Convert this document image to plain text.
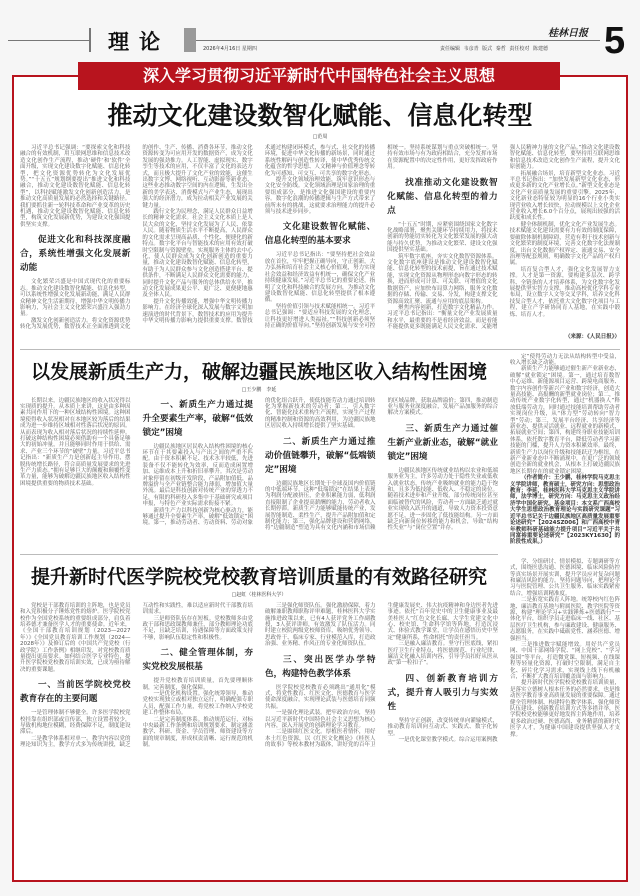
理论	2026年4月16日 星期四
桂林日报
责任编辑 韦彦青 版式 秦哲 责任校对 陈建德 5
深入学习贯彻习近平新时代中国特色社会主义思想
推动文化建设数智化赋能、信息化转型
□范周

习近平总书记强调：“要探索文化和科技融合的有效机制，用互联网思维和信息技术改造文化创作生产流程，推动‘硬件’和‘软件’全面升级，实现文化建设数字化赋能、信息化转型，把文化资源优势转化为文化发展优势。”“十五五”规划纲要提出“推进文化和科技融合，推动文化建设数智化赋能、信息化转型”，以科技赋能激发文化创新创造活力，是推动文化高质量发展的必然选择和关键路径。我们要抓住新一轮科技革命和产业变革的历史机遇，推动文化建设数智化赋能、信息化转型，构筑文化发展新优势，为建设文化强国提供坚实支撑。

促进文化和科技深度融合，系统性增强文化发展新动能

文化繁荣兴盛是中国式现代化的重要标志。推动文化建设数智化赋能、信息化转型，可以系统性增强文化发展新动能，满足人民群众精神文化生活新期待，增强中华文明传播力影响力，为社会主义文化繁荣兴盛注入强劲力量。

激发文化创新创造活力。将文化资源优势转化为发展优势，数智技术正全面渗透到文化的创作、生产、传播、消费各环节，推动文化资源转变为可应用开发的数据资产，成为文化发展的强劲推力。人工智能、虚拟现实、数字孪生等技术的应用，不仅丰富了文化的表达方式，而且极大提升了文化产业的效能，这催生出数字文博、网络视听、互动影游等新业态，这些业态推动数字空间的内在逻辑，生发出全新的美学表达、消费模式与产业生态，展现出强大的经济潜力，成为拉动相关产业发展的关键力量。

践行文化为民理念，满足人民群众日益增长的精神文化需求。社会主义文化本质上是人民大众的文化，坚持文化发展为了人民、依靠人民。随着物质生活水平不断提高，人民群众的文化需求呈现高品质、个性化、便捷化的新特点。数字化平台与智能技术的应用有效打破时空限制与资源壁垒，实现服务主体的去中心化，使人民群众成为文化创新创造的重要力量，推动文化建设数智化赋能、信息化转型，有助于为人民群众参与文化创造搭建平台、提供条件，不断满足人民群众文化需要的能力，同时提升文化产品与服务的总体供给水平，推动文化发展成果更公平、更广泛、更便捷地惠及全体人民。

提升文化传播效能，增强中华文明传播力影响力。在经济全球化深入发展与数字文明加速演进的时代背景下，数智技术的应用为提升中华文明传播力影响力提供重要支撑。数智技术通过构建闭环模式，参与式、社交化的传播环境，促进中华文化传播的新场景，同时通过系统性解码与创造性转译，使中华优秀传统文化蕴含的哲学思想、人文精神与价值理念等转化为可感知、可交互、可共享的数字化形态。

提升文化领域治理效能，筑牢意识形态与文化安全防线。文化领域治理是国家治理的重要组成部分，是推进文化强国建设的重要内容。数字化浪潮的传播逻辑与生产方式带来了前所未有的挑战，这就要求治理能力的提升必须与技术进步同步。

文化建设数智化赋能、信息化转型的基本要求

习近平总书记指出：“要坚持把社会效益放在首位，牢牢把握正确导向，守正创新，大力弘扬和培育社会主义核心价值观，努力实现社会效益和经济效益有机统一，确保文化产业持续健康发展。”习近平总书记的重要论述，指明了文化和科技融合的发展方向，为推动文化建设数智化赋能、信息化转型提供了根本遵循。

坚持价值引领与技术赋能相统一。习近平总书记强调：“要适应科技发展的文化理念，让科技更好增进人类福祉。”“科技创新必须坚持正确的价值导向。”坚持创新发展与安全可控相统一。坚持系统谋划与重点突破相统一。坚持有效市场与有为政府相结合，充分发挥市场在资源配置中的决定性作用，更好发挥政府作用。

找准推动文化建设数智化赋能、信息化转型的着力点

“十五五”时期，应紧密围绕国家文化数字化战略部署，聚焦关键环节持续用力，将技术创新的势能切实转化为文化繁荣发展的强大动能与持久优势，为推动文化繁荣、建设文化强国提供坚实基础。

筑牢数字底座，夯实文化数智资源体系。文化数字底座建设是推动文化建设数智化赋能、信息化转型的技术前提，旨在通过技术赋能，实现文化资源从物理形态向数字形态的转换，进而形成可计算、可关联、可增值的文化数据资产，应加快布局算力网络，服务文化数据的存储、传输、交易、分发，构建支撑文化资源高效汇聚、流通与应用的底层架构。

聚焦内容创新，打造数字文化精品力作。习近平总书记指出：“衡量文化产业发展质量和水平，最重要的不是看经济效益，而是看能不能提供更多既能满足人民文化需求、又能增强人民精神力量的文化产品。”推动文化建设数智化赋能、信息化转型，要坚持用互联网思维和信息技术改造文化创作生产流程，提升文化原创能力。

拓展融合场景，培育新型文化业态。习近平总书记指出：“加快发展新型文化业态，形成更多新的文化产业增长点。”新型文化业态是文化产业高质量发展的重要引擎。2025年，文化新业态特征较为明显的16个行业小类实现营业收入增长较快，拉动规模以上文化企业营业收入增长6.0个百分点，展现出较强的活跃度和成长性。

健全体制机制，优化文化产业发展生态。技术赋能文化建设需要有力有效的制度保障，要破除体制机制障碍，营造有利于技术创新与文化繁荣的制度环境，完善文化数字化法规制度，出台文化数据产权界定、流通交易、安全治理等配套规则，明确数字文化产品的产权归属。

培育复合型人才，强化文化发展智力支撑。人才是第一资源，要构建多层次、跨学科、全链条的人才培养体系，为文化数字化发展提供坚实智力支撑。推动高校优化学科专业布局，设立数字人文等交叉学科，培养文化科技复合型人才，依托重大文化数字化项目与工程，建立产学研协同育人基地，在实践中锻炼、培育人才。

（来源：《人民日报》）
以发展新质生产力，破解边疆民族地区收入结构性困境
□王少鹏　李延

长期以来，边疆民族地区的收入状况得以实现质的提升。从本质上来讲，这是由多种因素共同作用下的一种区域结构性困境。这种困境使得收入状况相对在本地区较为落后的结果成为进一步维持区域相对性落后状况的原因。从而表现为收入相对落后状况的持续性延伸。打破这种结构性困境必须借助有一个具备足够大的初始冲量，并且能够同时作用于供给、需求、产业三个环节的“破壁”力量。习近平总书记指出：“新质生产力是创新起主导作用，摆脱传统增长路径，符合高质量发展要求的先进生产力质态。”拥有足够巨大的颠覆和颠覆性变革力量，能够为破解边疆民族地区收入结构性困境提供重要的物质技术基础。

一、新质生产力通过提升全要素生产率，破解“低效锁定”困境

边疆民族地区居民收入结构性困境的核心环节在于其要素投入与产出之间的严重不匹配。由于资本积累不足、技术水平较低，先进装备不仅不能转化为效率，反而造成闲置增加、运维成本上升和折旧率攀升。其次是劳动对象停留在初级开发阶段，产品附加值低，品牌溢价与全产业链整合能力薄弱，增加值大量外流。最后是科技创新对传统产业的穿透力不足，有限的科研投入多集中于基础研究或项目申报，与特色产业实际需求衔接不紧。

新质生产力以科技创新为核心驱动力，能够通过提升全要素生产率，破解“低效锁定”困境。第一，推动劳动者、劳动资料、劳动对象的优化组合跃升，使低技能劳动力通过培训转化为掌握新技术的劳动者；第二，引入数字化、智能化技术重构生产流程，实现生产过程的精准控制和资源的高效利用，为边疆民族地区居民收入持续增长提供了坚实基础。

二、新质生产力通过推动价值链攀升，破解“低端锁定”困境

边疆民族地区长期处于全球及国内价值链的中低端环节，这种“低端锁定”在结果上表现为利润分配被挤压，企业积累能力弱，低利润直接限制了企业提高薪酬的能力，劳动者收入长期停滞。新质生产力能够赋能传统产业，发展智能制造、柔性生产，提升产品附加值和定制化能力；第三，强化品牌建设和营销网络，将“边疆制造”塑造为具有文化内涵和市场信赖的区域品牌，获取品牌溢价；第四，推动制造业与服务业深度融合，发展产品加服务的综合解决方案模式。

三、新质生产力通过催生新产业新业态，破解“就业锁定”困境

边疆民族地区传统就业结构以农业和低端服务业为主，许多劳动力处于隐性失业或低收入就业状态，传统产业吸纳就业的能力趋于饱和，且多为低技能、低收入、不稳定的岗位。随着技术进步和产业升级，部分传统岗位甚至面临被替代的风险，劳动者一方面缺乏通过就业实现收入跃升的通道，导致人力资本投资意愿不足，进一步固化了低技能结构。另一方面缺乏向新岗位转移的能力和机会，导致“结构性失业”与“岗位空置”并存。

定”使得劳动力无法从结构转型中受益，收入增长缺乏动能。

新质生产力能够通过催生新产业新业态，破解“就业锁定”困境。第一，通过培育数智中心运维、新能源项目运营、跨境电商服务、数字内容创作等新兴产业和数字经济，创造大量高技能、高报酬的新型就业岗位；第二，推动传统产业数字化转型，通过“机器换人”释放低端劳动力，同时通过技能培训帮助劳动者实现岗位升级，从“体力型”劳动转向“智力型”劳动；第三，发展平台经济、共享经济等新业态，提供灵活就业、远程就业的新模式，拓展就业空间；第四，构建终身职业技能培训体系，依托数字教育平台，降低劳动者学习新技能的门槛，提升人力资本积累效率。最终，新质生产力以岗位升级和技能跃迁为枢纽，在新产业新业态中不断涌现中，在更广泛的领域创造全新的就业机会，从根本上打破边疆民族地区长期存在的就业锁定困境。

（作者简介：王少鹏，桂林学院马克思主义学院讲师，教育硕士，研究方向：思想政治教育；李延，桂林医科大学马克思主义学院讲师，法学博士，研究方向：马克思主义政治经济学中国化研究。基金项目：本文系广西高校大学生思想政治教育理论与实践研究课题“习近平总书记关于边疆民族地区高质量发展重要论述研究”【2024SZ006】和广西高校中青年教师科研基础能力提升项目“习近平关于共同富裕重要论述研究”【2023KY1630】的阶段性成果。）

提升新时代医学院校党校教育培训质量的有效路径研究
□赵虹（桂林医科大学）

党校是干部教育培训的主阵地，也是党员和入党积极分子锤炼党性的熔炉。医学院校党校作为全国党校系统的重要组成部分，肩负着培养德才兼备医学人才的重要使命。近年来，《全国干部教育培训规划（2023—2027年）》《全国党员教育培训工作规划（2024—2028年）》及修订后的《中国共产党党校（行政学院）工作条例》相继印发，对党校教育质量提出更高要求。如何结合医学专业特色，提升医学院校党校教育培训实效，已成为亟待解决的重要课题。

一、当前医学院校党校教育存在的主要问题

一是管理体制不够健全。许多医学院校党校挂靠在组织部或宣传部，独立设置者较少，导致机构地位模糊，经费保障不足，制度建设滞后。

二是教学体系相对单一。教学内容以党的理论知识为主，教学方式多为传统讲授，缺乏互动性和实践性，难以适应新时代干部教育培训需求。

三是师资队伍存在短板。党校教师多由党政干部和思政课教师兼任，部分教师理论功底不足，且缺乏培训，待遇保障等方面政策支持不够，影响队伍稳定性和积极性。

二、健全管理体制，夯实党校发展根基

提升党校教育培训质量，首先要理顺体制，完善制度，强化保障。

一是优化机构设置。强化统筹领导，推动党校实现独立或相对独立运行，明确配强专职人员，配强工作力量，将党校工作纳入学校党建工作整体布局。

二是完善制度体系。推动规范运行，对标中央最新工作条例和培训规划要求，制定涵盖教学、科研、资金、学员管理、师资建设等方面的规章制度，形成权责清晰、运行规范的机制。

三是强化师资队伍。强化激励保障，着力破解兼职教师职称评审难题，桂林医科大学实施推进政策以来，已有4人获评党务工作副教授，3人获评讲师，有效激发了队伍活力。同时建立校院两级党校师资库，吸纳优秀领导、思政骨干、临床专家、行业模范入库，打造政治强、业务精、作风正的专业化师资队伍。

三、突出医学办学特色，构建特色教学体系

医学院校党校教育必须跳出“通用化”模式，将党性教育、红医文化、医德教育与医学使命深度融合，实现理论武装与医德培育同频共振。

一是强化理论武装。把牢政治方向，坚持以习近平新时代中国特色社会主义思想为核心内容，深入开展党的创新理论学习教育。

二是赓续红医文化。厚植医者情怀，用好本土红色资源，以《红医文化概论》《桂医人的故事》等校本教材为载体，讲好党的百年卫生健康发展史、伟大抗疫精神和身边医者先进事迹。依托“百年党史中的卫生健康事业及最美桂医人”红色文化长廊、大学生党建文化中心、校史馆、生命科学馆等阵地，打造沉浸式、体验式教学课堂，让学员在感悟历史中坚定“健康所系，性命相托”的责任担当。

三是融入廉洁教育。坚守行医底线，紧扣医疗卫生行业特点，将医德规范、行业纪律、廉洁文化融入培训内容，引导学员扣好从医从政“第一粒扣子”。

四、创新教育培训方式，提升育人吸引力与实效性

坚持守正创新，改变传统单向灌输模式，推动教育培训向互动式、实践式、数字化转型。

一是优化课堂教学模式。综合运用案例教

学、分组研讨、情景模拟、专题调研等方式，围绕医患沟通、医德困境、临床风险防控等真实场景开展实训，提升学员应对复杂问题和廉洁风险的能力。坚持问题导向，把理论学习与医院管理、公共卫生服务、临床实践紧密结合，增强培训精准度。

二是拓宽实践育人阵地。统筹校内红色阵地、廉洁教育基地与附属医院、教学医院等资源，构建“理论学习+实践锤炼+医德践行”一体化平台，组织学员走进临床一线、社区、基层医疗卫生机构，参与廉政建设、健康服务、志愿服务，在实践中砥砺党性、涵养医德、增强担当。

三是推进数字赋能增效。用好共产党员网、中国干部网络学院、“网上党校”、“学习强国”等平台，打造微党课、短视频、在线课程等轻量化资源，打破时空限制，满足自主化、碎片化学习需求，实现线上线下有机融合，不断扩大教育培训覆盖面与影响力。

提升新时代医学院校党校教育培训质量，是落实立德树人根本任务的必然要求，也是推动医学教育事业高质量发展的重要保障。通过健全管理体制、构建特色教学体系、强化师资队伍建设、创新教育培训方式等多措并举，医学院校党校能够更好地发挥主阵地作用，培养更多政治过硬、医德高尚、业务精湛的新时代医学人才，为健康中国建设提供坚强人才支撑。
